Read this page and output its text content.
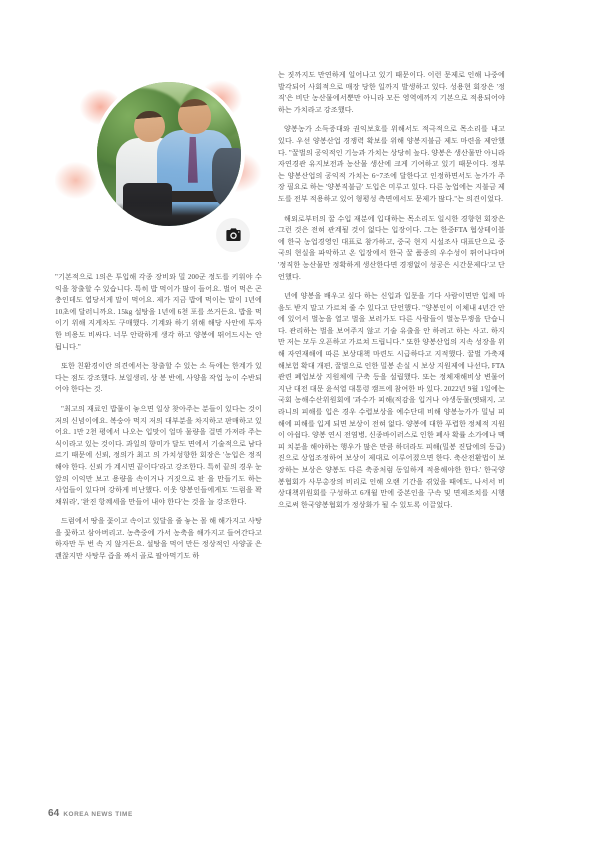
"기본적으로 1의은 투입해 각종 장비와 밀 200군 정도를 키워야 수익을 창출할 수 있습니다. 특히 밥 먹이가 많이 들어요. 벌어 먹은 곤충인데도 엽당서게 말이 먹어요. 제가 지금 밥에 먹이는 말이 1년에 10초에 달러니까요. 15kg 설탕을 1년에 6천 포를 쓰거든요. 밥을 먹이기 위해 지게차도 구매했다. 기계와 하기 위해 해당 사안에 투자한 비용도 비싸다. 너무 안락하게 생각 하고 양봉에 뛰어드시는 안 됩니다."

또한 친환경이란 의견에서는 창출할 수 있는 소 득에는 한계가 있다는 점도 강조했다. 보일생리, 상 봉 반에, 사양을 작업 능이 수반되어야 한다는 것.

"최고의 재료인 밥물이 놓으면 일상 찾아주는 분들이 있다는 것이 저의 신념이에요. 복숭아 먹지 저의 대부분을 차지하고 판매하고 있어요. 1만 2천 평에서 나오는 입맛이 얼마 물량을 걸면 가져라 주는 식이라고 있는 것이다. 과일의 향미가 달도 면에서 기술적으로 남다르기 때문에 신뢰, 정의가 최고 의 가치성향한 회장은 '농입은 정직해야 한다. 신뢰 가 계시면 끝이다'라고 강조한다. 특히 끝의 경우 눈앞의 이익만 보고 용량을 속이거나 거짓으로 판 을 만들기도 하는 사업들이 있다며 강하게 비난했다. 이웃 양봉인들에게도 '드럼을 꽉 채워라', '완진 항꼐세을 만들어 내야 한다'는 것을 늘 강조한다.

드럼에서 땅을 꽃이고 속이고 있달을 줄 놓는 몰 해 해가지고 사탕을 꽃하고 삼아버리고. 농측중에 가서 농축을 해가지고 들여간다고 하자만 두 번 속 지 않거든요. 설탕을 먹어 만든 정상적인 사양골 은 괜찮지만 사탕무 즙을 짜서 골로 팔아먹기도 하

는 짓까지도 만연하게 일어나고 있기 때문이다. 이런 문제로 인해 나중에 발각되어 사회적으로 매장 당한 일까지 발생하고 있다. 성용현 회장은 '정직'은 비단 농산물에서뿐만 아니라 모든 영역에까지 기본으로 적용되어야 하는 가치라고 강조했다.

양봉농가 소득증대와 권익보호를 위해서도 적극적으로 목소리를 내고 있다. 우선 양봉산업 경쟁력 확보를 위해 양봉지불금 제도 마련을 제안했다. "꿀벌의 공익적인 기능과 가치는 상당히 높다. 양봉은 생산물만 아니라 자연경관 유지보전과 농산물 생산에 크게 기여하고 있기 때문이다. 정부는 양봉산업의 공익적 가치는 6~7조에 달한다고 인정하면서도 농가가 주장 필요로 하는 '양봉직불금' 도입은 미루고 있다. 다른 농업에는 지불금 제도를 전부 적용하고 있어 형평성 측면에서도 문제가 많다."는 의견이었다.

해외로부터의 꿀 수입 재분에 입대하는 목소리도 일시한 경향현 회장은 그런 것은 전혀 관계될 것이 없다는 입장이다. 그는 한중FTA 협상테이블에 한국 농업경영인 대표로 참가하고, 중국 현지 시설조사 대표단으로 중국의 현실을 파악하고 온 입장에서 한국 꿀 품종의 우수성이 뛰어나다며 '정직한 농산물만 정확하게 생산한다면 경쟁없이 성공은 시간문제다'고 단언했다.

년에 양봉을 배우고 싶다 하는 신입과 입문을 기다 사람이면만 입체 마음도 받지 말고 가르쳐 줄 수 있다고 단언했다. "양봉인이 이체내 4년간 안에 있어서 벌농을 열고 벌을 보러가도 다른 사람들이 벌농무쟁을 단습니다. 관리하는 벌을 보여주지 않고 기술 유출을 안 하려고 하는 사고. 하지만 저는 모두 오픈하고 가르쳐 드립니다." 또한 양봉산업의 지속 성장을 위해 자연재해에 따른 보상대책 마련도 시급하다고 지적했다. 꿀벌 가축재해보험 확대 개편, 꿀벌으로 인한 밀봉 손실 시 보상 지원제에 나선다, FTA 관련 폐업보상 지원체에 구축 등을 설립했다. 또는 정체재해비상 변물어 지난 대전 대문 윤석열 대통령 캠프에 참여한 바 있다. 2022년 9월 1일에는 국회 농해수산위원회에 '과수가 피해(적감을 입거나 야생동물(멧돼지, 고라니의 피해를 입은 경우 수렵보상을 예수단데 비해 양봉능가가 밀님 피해에 피해를 입게 되면 보상이 전혀 없다. 양봉에 대한 푸렵한 정체적 지원이 아쉽다. 양봉 연시 전염병, 신종바이러스로 인한 폐사 확률 소가에나 맥피 치분을 해야하는 행우가 많은 만큼 하더라도 피해(밀봉 진답에의 등급)진으로 상업조정하여 보상이 제대로 이루어졌으면 한다. 축산전환법이 보장하는 보상은 양봉도 다른 축종처럼 동일하게 적용해야한 한다.' 한국양봉협회가 사무총장의 비리로 인해 오랜 기간을 겪었을 때에도, 나서서 비상대책위원회를 구성하고 6개월 만에 중본인을 구속 및 면제조치를 시행으로써 한국양봉협회가 정상화가 될 수 있도록 이끌었다.

64 KOREA NEWS TIME
